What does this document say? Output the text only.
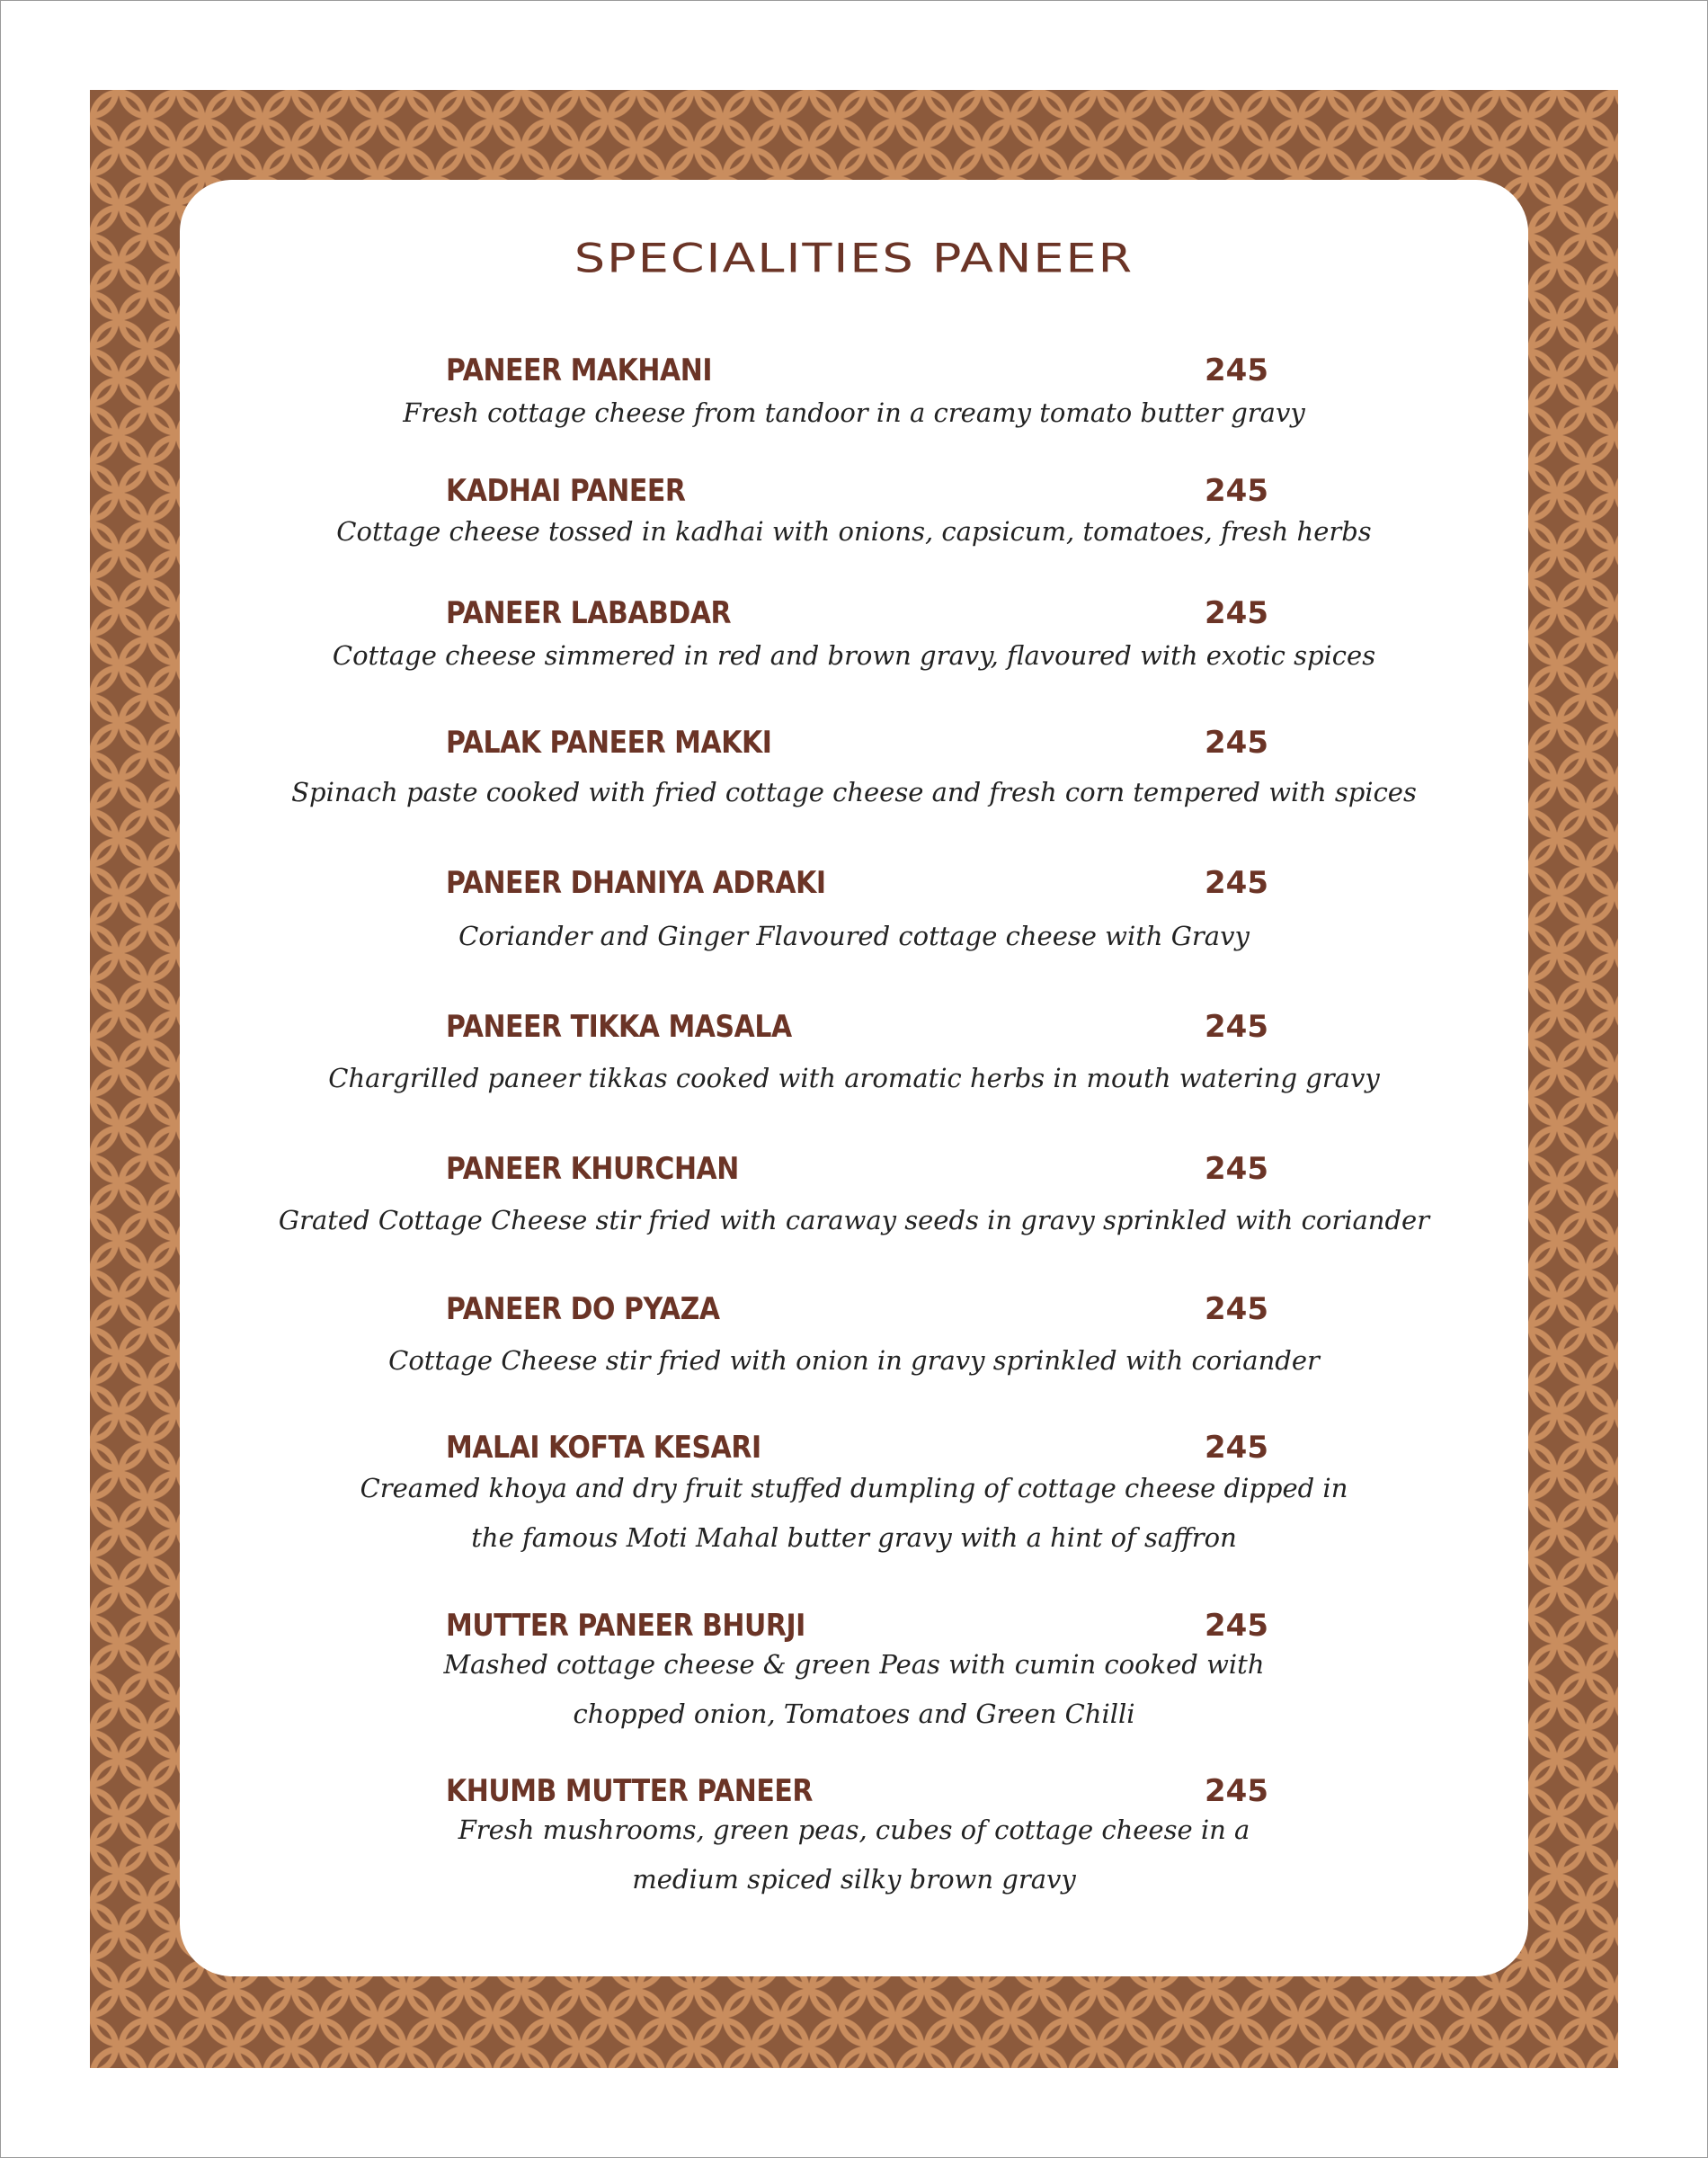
SPECIALITIES PANEER
PANEER MAKHANI	245
Fresh cottage cheese from tandoor in a creamy tomato butter gravy
KADHAI PANEER	245
Cottage cheese tossed in kadhai with onions, capsicum, tomatoes, fresh herbs
PANEER LABABDAR	245
Cottage cheese simmered in red and brown gravy, flavoured with exotic spices
PALAK PANEER MAKKI	245
Spinach paste cooked with fried cottage cheese and fresh corn tempered with spices
PANEER DHANIYA ADRAKI	245
Coriander and Ginger Flavoured cottage cheese with Gravy
PANEER TIKKA MASALA	245
Chargrilled paneer tikkas cooked with aromatic herbs in mouth watering gravy
PANEER KHURCHAN	245
Grated Cottage Cheese stir fried with caraway seeds in gravy sprinkled with coriander
PANEER DO PYAZA	245
Cottage Cheese stir fried with onion in gravy sprinkled with coriander
MALAI KOFTA KESARI	245
Creamed khoya and dry fruit stuffed dumpling of cottage cheese dipped in
the famous Moti Mahal butter gravy with a hint of saffron
MUTTER PANEER BHURJI	245
Mashed cottage cheese & green Peas with cumin cooked with
chopped onion, Tomatoes and Green Chilli
KHUMB MUTTER PANEER	245
Fresh mushrooms, green peas, cubes of cottage cheese in a
medium spiced silky brown gravy
